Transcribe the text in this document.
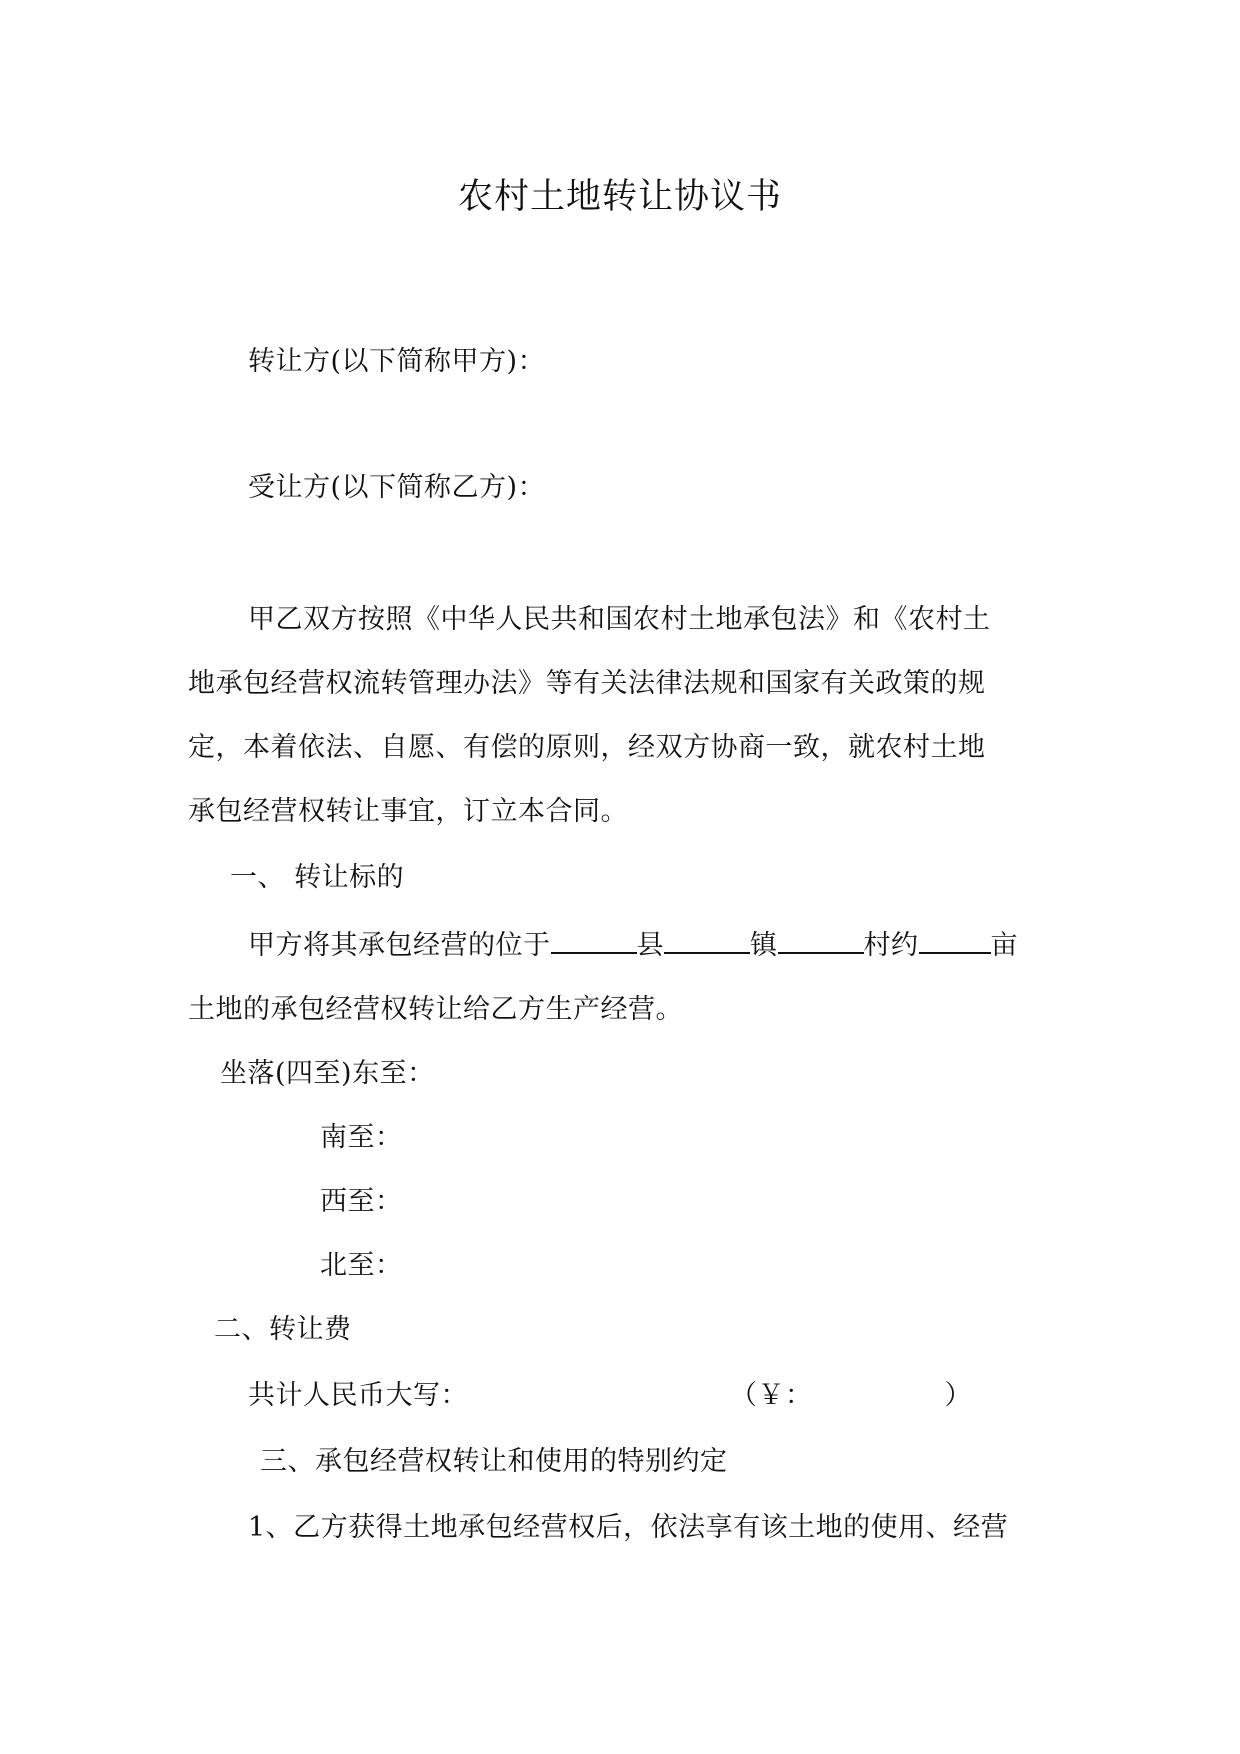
农村土地转让协议书
转让方(以下简称甲方)：
受让方(以下简称乙方)：
甲乙双方按照《中华人民共和国农村土地承包法》和《农村土
地承包经营权流转管理办法》等有关法律法规和国家有关政策的规
定，本着依法、自愿、有偿的原则，经双方协商一致，就农村土地
承包经营权转让事宜，订立本合同。
一、 转让标的
甲方将其承包经营的位于	县	镇	村约	亩
土地的承包经营权转让给乙方生产经营。
坐落(四至)东至：
南至：
西至：
北至：
二、转让费
共计人民币大写：	（￥：	）
三、承包经营权转让和使用的特别约定
1、乙方获得土地承包经营权后，依法享有该土地的使用、经营
